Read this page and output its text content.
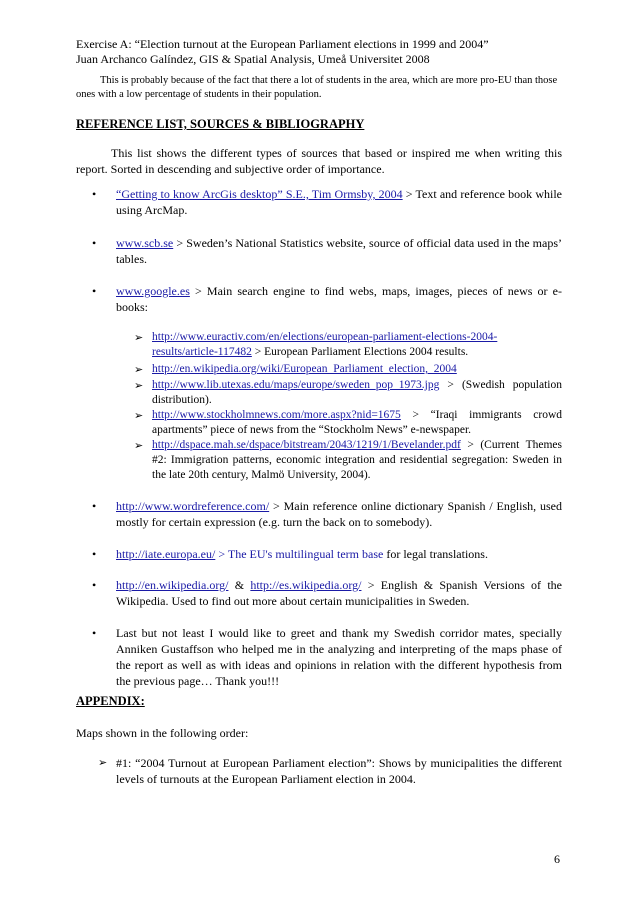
Exercise A: “Election turnout at the European Parliament elections in 1999 and 2004”
Juan Archanco Galíndez, GIS & Spatial Analysis, Umeå Universitet 2008
This is probably because of the fact that there a lot of students in the area, which are more pro-EU than those ones with a low percentage of students in their population.
REFERENCE LIST, SOURCES & BIBLIOGRAPHY
This list shows the different types of sources that based or inspired me when writing this report. Sorted in descending and subjective order of importance.
• “Getting to know ArcGis desktop” S.E., Tim Ormsby, 2004 > Text and reference book while using ArcMap.
• www.scb.se > Sweden’s National Statistics website, source of official data used in the maps’ tables.
• www.google.es > Main search engine to find webs, maps, images, pieces of news or e-books:
➢ http://www.euractiv.com/en/elections/european-parliament-elections-2004-results/article-117482 > European Parliament Elections 2004 results.
➢ http://en.wikipedia.org/wiki/European_Parliament_election,_2004
➢ http://www.lib.utexas.edu/maps/europe/sweden_pop_1973.jpg > (Swedish population distribution).
➢ http://www.stockholmnews.com/more.aspx?nid=1675 > “Iraqi immigrants crowd apartments” piece of news from the “Stockholm News” e-newspaper.
➢ http://dspace.mah.se/dspace/bitstream/2043/1219/1/Bevelander.pdf > (Current Themes #2: Immigration patterns, economic integration and residential segregation: Sweden in the late 20th century, Malmö University, 2004).
• http://www.wordreference.com/ > Main reference online dictionary Spanish / English, used mostly for certain expression (e.g. turn the back on to somebody).
• http://iate.europa.eu/ > The EU's multilingual term base for legal translations.
• http://en.wikipedia.org/ & http://es.wikipedia.org/ > English & Spanish Versions of the Wikipedia. Used to find out more about certain municipalities in Sweden.
• Last but not least I would like to greet and thank my Swedish corridor mates, specially Anniken Gustaffson who helped me in the analyzing and interpreting of the maps phase of the report as well as with ideas and opinions in relation with the different hypothesis from the previous page… Thank you!!!
APPENDIX:
Maps shown in the following order:
➢ #1: “2004 Turnout at European Parliament election”: Shows by municipalities the different levels of turnouts at the European Parliament election in 2004.
6
